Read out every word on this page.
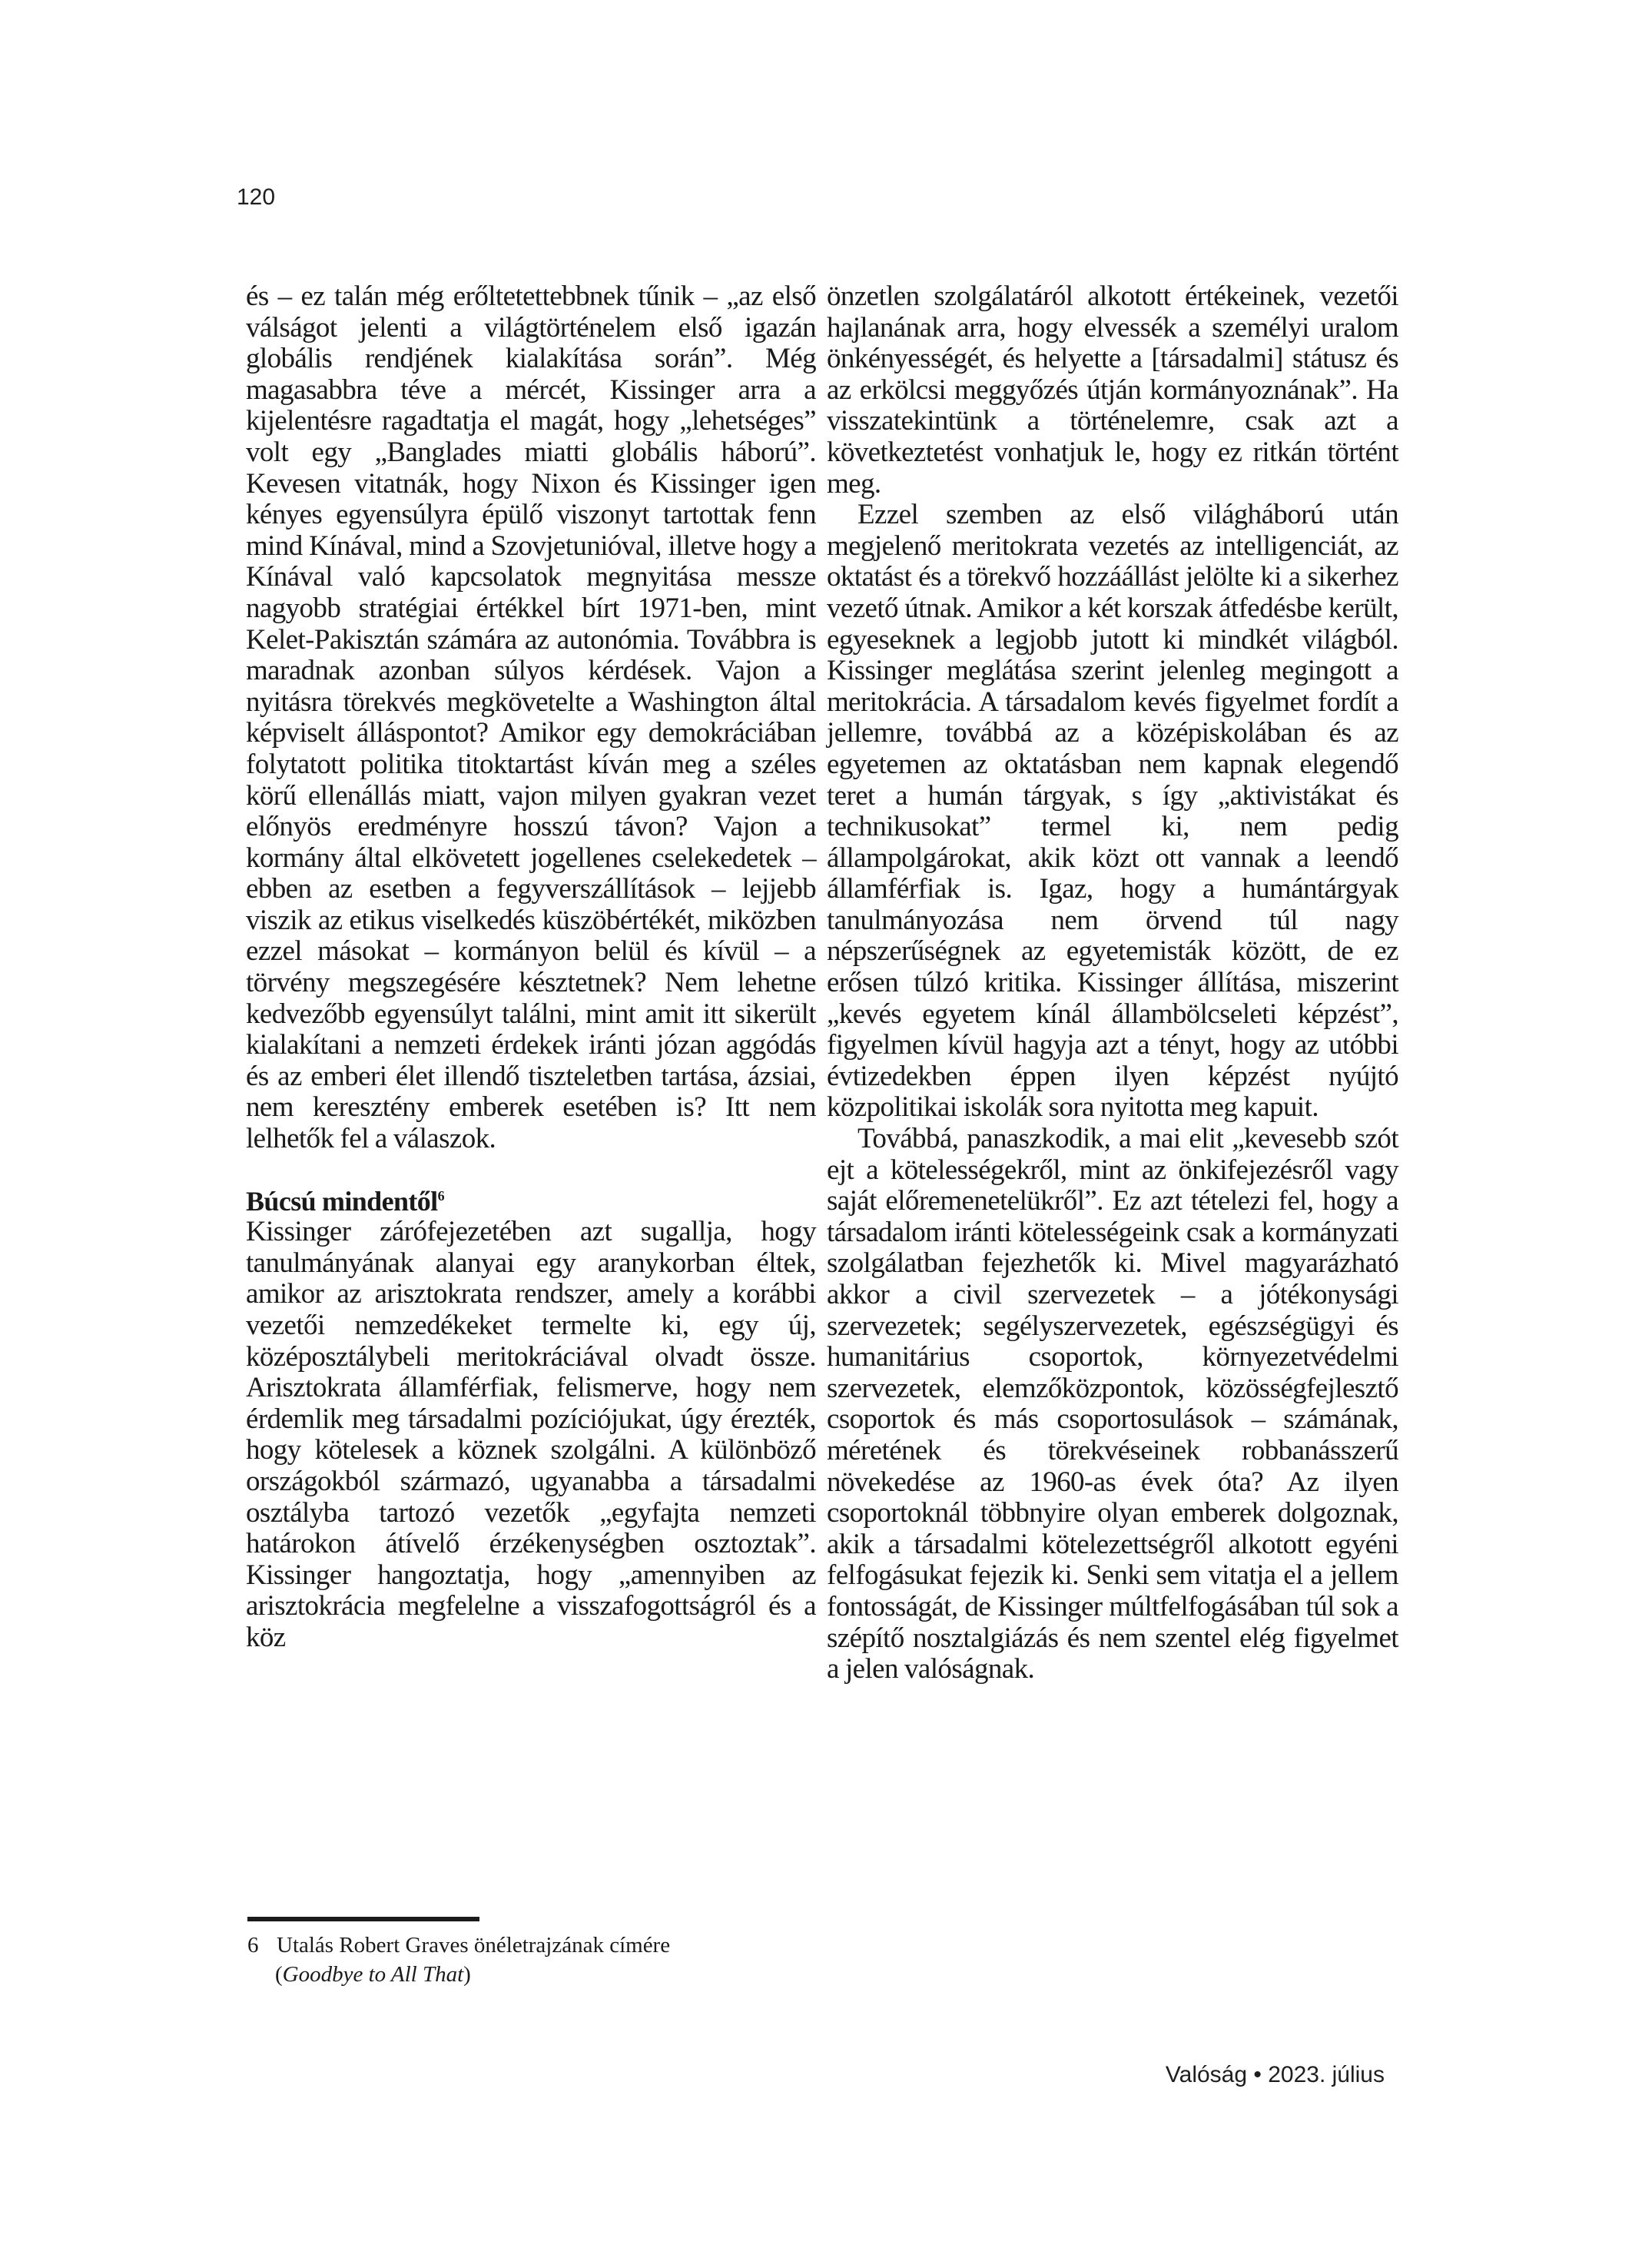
120

és – ez talán még erőltetettebbnek tűnik – „az első válságot jelenti a világtörténelem első igazán globális rendjének kialakítása során”. Még magasabbra téve a mércét, Kissinger arra a kijelentésre ragadtatja el magát, hogy „lehetséges” volt egy „Banglades miatti globális háború”. Kevesen vitatnák, hogy Nixon és Kissinger igen kényes egyensúlyra épülő viszonyt tartottak fenn mind Kínával, mind a Szovjetunióval, illetve hogy a Kínával való kapcsolatok megnyitása messze nagyobb stratégiai értékkel bírt 1971-ben, mint Kelet-Pakisztán számára az autonómia. Továbbra is maradnak azonban súlyos kérdések. Vajon a nyitásra törekvés megkövetelte a Washington által képviselt álláspontot? Amikor egy demokráciában folytatott politika titoktartást kíván meg a széles körű ellenállás miatt, vajon milyen gyakran vezet előnyös eredményre hosszú távon? Vajon a kormány által elkövetett jogellenes cselekedetek – ebben az esetben a fegyverszállítások – lejjebb viszik az etikus viselkedés küszöbértékét, miközben ezzel másokat – kormányon belül és kívül – a törvény megszegésére késztetnek? Nem lehetne kedvezőbb egyensúlyt találni, mint amit itt sikerült kialakítani a nemzeti érdekek iránti józan aggódás és az emberi élet illendő tiszteletben tartása, ázsiai, nem keresztény emberek esetében is? Itt nem lelhetők fel a válaszok.

Búcsú mindentől$^6$

Kissinger zárófejezetében azt sugallja, hogy tanulmányának alanyai egy aranykorban éltek, amikor az arisztokrata rendszer, amely a korábbi vezetői nemzedékeket termelte ki, egy új, középosztálybeli meritokráciával olvadt össze. Arisztokrata államférfiak, felismerve, hogy nem érdemlik meg társadalmi pozíciójukat, úgy érezték, hogy kötelesek a köznek szolgálni. A különböző országokból származó, ugyanabba a társadalmi osztályba tartozó vezetők „egyfajta nemzeti határokon átívelő érzékenységben osztoztak”. Kissinger hangoztatja, hogy „amennyiben az arisztokrácia megfelelne a visszafogottságról és a köz

6 Utalás Robert Graves önéletrajzának címére
(Goodbye to All That)

önzetlen szolgálatáról alkotott értékeinek, vezetői hajlanának arra, hogy elvessék a személyi uralom önkényességét, és helyette a [társadalmi] státusz és az erkölcsi meggyőzés útján kormányoznának”. Ha visszatekintünk a történelemre, csak azt a következtetést vonhatjuk le, hogy ez ritkán történt meg.

Ezzel szemben az első világháború után megjelenő meritokrata vezetés az intelligenciát, az oktatást és a törekvő hozzáállást jelölte ki a sikerhez vezető útnak. Amikor a két korszak átfedésbe került, egyeseknek a legjobb jutott ki mindkét világból. Kissinger meglátása szerint jelenleg megingott a meritokrácia. A társadalom kevés figyelmet fordít a jellemre, továbbá az a középiskolában és az egyetemen az oktatásban nem kapnak elegendő teret a humán tárgyak, s így „aktivistákat és technikusokat” termel ki, nem pedig állampolgárokat, akik közt ott vannak a leendő államférfiak is. Igaz, hogy a humántárgyak tanulmányozása nem örvend túl nagy népszerűségnek az egyetemisták között, de ez erősen túlzó kritika. Kissinger állítása, miszerint „kevés egyetem kínál állambölcseleti képzést”, figyelmen kívül hagyja azt a tényt, hogy az utóbbi évtizedekben éppen ilyen képzést nyújtó közpolitikai iskolák sora nyitotta meg kapuit.

Továbbá, panaszkodik, a mai elit „kevesebb szót ejt a kötelességekről, mint az önkifejezésről vagy saját előremenetelükről”. Ez azt tételezi fel, hogy a társadalom iránti kötelességeink csak a kormányzati szolgálatban fejezhetők ki. Mivel magyarázható akkor a civil szervezetek – a jótékonysági szervezetek; segélyszervezetek, egészségügyi és humanitárius csoportok, környezetvédelmi szervezetek, elemzőközpontok, közösségfejlesztő csoportok és más csoportosulások – számának, méretének és törekvéseinek robbanásszerű növekedése az 1960-as évek óta? Az ilyen csoportoknál többnyire olyan emberek dolgoznak, akik a társadalmi kötelezettségről alkotott egyéni felfogásukat fejezik ki. Senki sem vitatja el a jellem fontosságát, de Kissinger múltfelfogásában túl sok a szépítő nosztalgiázás és nem szentel elég figyelmet a jelen valóságnak.

Valóság • 2023. július
